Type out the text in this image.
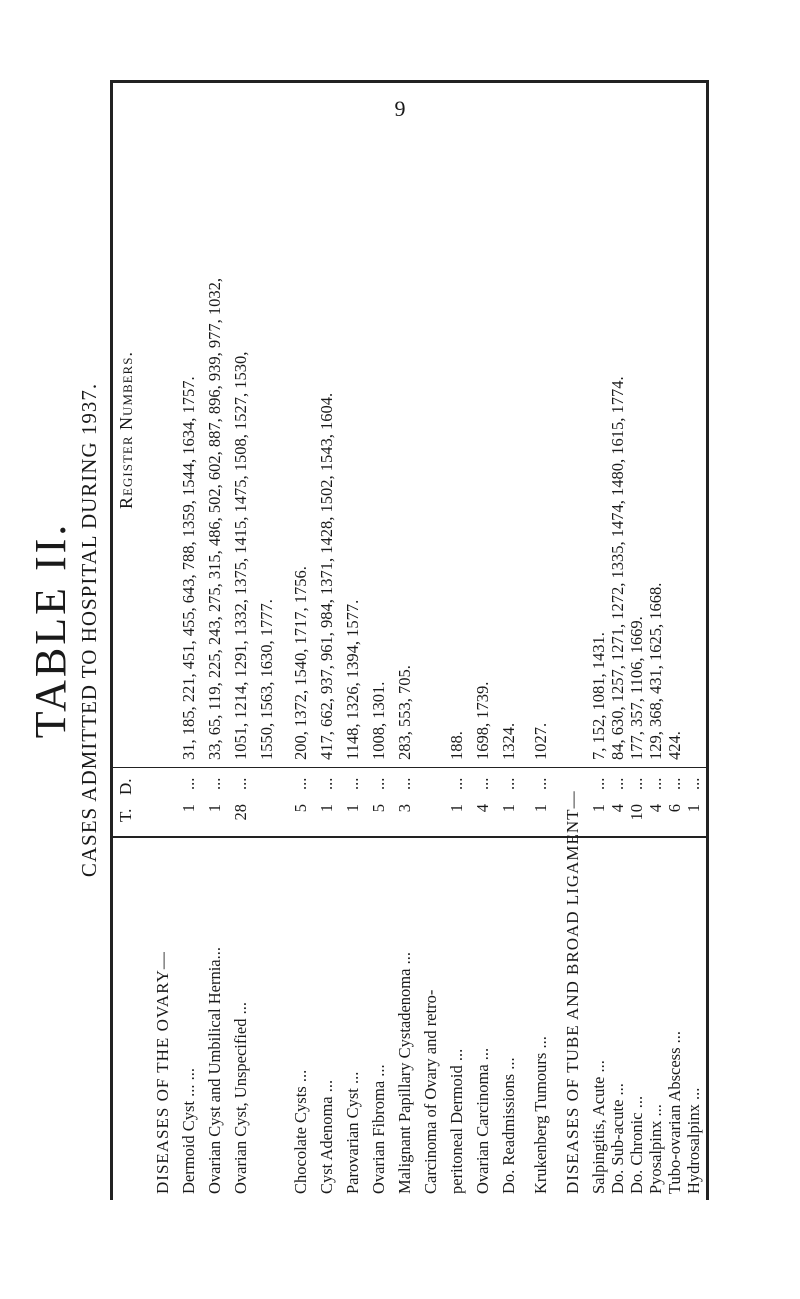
9
TABLE II. CASES ADMITTED TO HOSPITAL DURING 1937. T.
D.
Register Numbers.
DISEASES OF THE OVARY— Dermoid Cyst ... ...
1
...
31, 185, 221, 451, 455, 643, 788, 1359, 1544, 1634, 1757.
Ovarian Cyst and Umbilical Hernia...
1
...
33, 65, 119, 225, 243, 275, 315, 486, 502, 602, 887, 896, 939, 977, 1032,
Ovarian Cyst, Unspecified ...
28
...
1051, 1214, 1291, 1332, 1375, 1415, 1475, 1508, 1527, 1530, 1550, 1563, 1630, 1777.
Chocolate Cysts ...
5
...
200, 1372, 1540, 1717, 1756.
Cyst Adenoma ...
1
...
417, 662, 937, 961, 984, 1371, 1428, 1502, 1543, 1604.
Parovarian Cyst ...
1
...
1148, 1326, 1394, 1577.
Ovarian Fibroma ...
5
...
1008, 1301.
Malignant Papillary Cystadenoma ...
3
...
283, 553, 705.
Carcinoma of Ovary and retro- peritoneal Dermoid ...
1
...
188.
Ovarian Carcinoma ...
4
...
1698, 1739.
Do. Readmissions ...
1
...
1324.
Krukenberg Tumours ...
1
...
1027.
DISEASES OF TUBE AND BROAD LIGAMENT— Salpingitis, Acute ...
1
...
7, 152, 1081, 1431.
Do. Sub-acute ...
4
...
84, 630, 1257, 1271, 1272, 1335, 1474, 1480, 1615, 1774.
Do. Chronic ...
10
...
177, 357, 1106, 1669.
Pyosalpinx ...
4
...
129, 368, 431, 1625, 1668.
Tubo-ovarian Abscess ...
6
...
424.
Hydrosalpinx ...
1
...
